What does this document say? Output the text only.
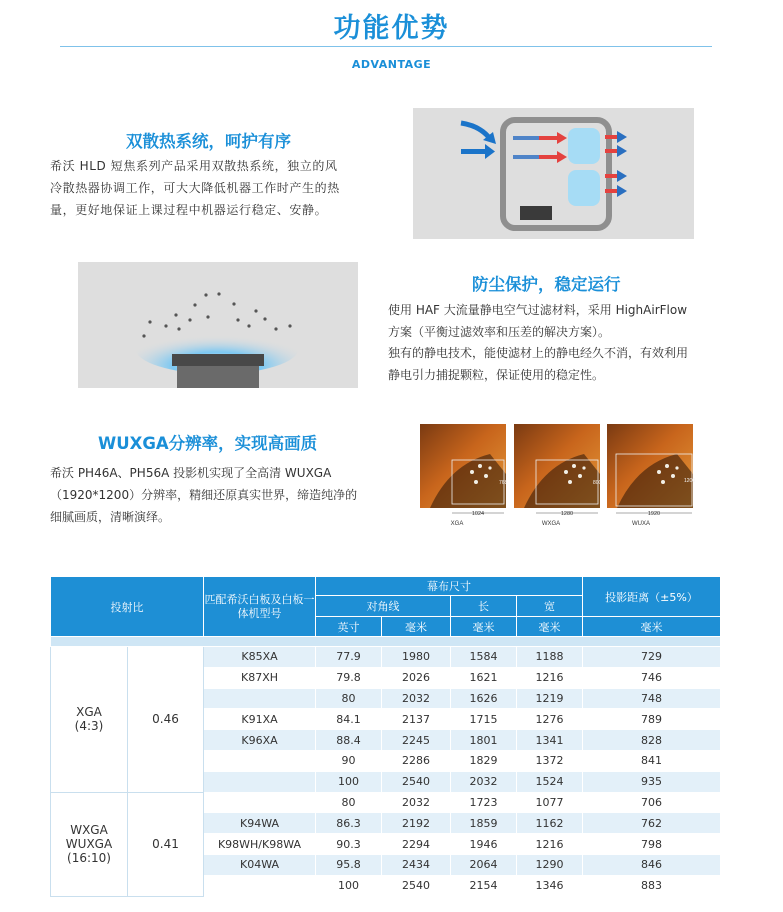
功能优势
ADVANTAGE
双散热系统，呵护有序
希沃 HLD 短焦系列产品采用双散热系统，独立的风
冷散热器协调工作，可大大降低机器工作时产生的热
量，更好地保证上课过程中机器运行稳定、安静。
防尘保护，稳定运行
使用 HAF 大流量静电空气过滤材料，采用 HighAirFlow
方案（平衡过滤效率和压差的解决方案）。
独有的静电技术，能使滤材上的静电经久不消，有效利用
静电引力捕捉颗粒，保证使用的稳定性。
WUXGA分辨率，实现高画质
希沃 PH46A、PH56A 投影机实现了全高清 WUXGA
（1920*1200）分辨率，精细还原真实世界，缔造纯净的
细腻画质，清晰演绎。	1024	1280	1920
768	800	1200
XGA	WXGA	WUXA
投射比		匹配希沃白板及白板一体机型号	幕布尺寸				投影距离（±5%）
			对角线		长	宽	
			英寸	毫米	毫米	毫米	毫米

XGA
(4:3)	0.46	K85XA	77.9	1980	1584	1188	729
		K87XH	79.8	2026	1621	1216	746
			80	2032	1626	1219	748
		K91XA	84.1	2137	1715	1276	789
		K96XA	88.4	2245	1801	1341	828
			90	2286	1829	1372	841
			100	2540	2032	1524	935

WXGA
WUXGA
(16:10)	0.41		80	2032	1723	1077	706
		K94WA	86.3	2192	1859	1162	762
		K98WH/K98WA	90.3	2294	1946	1216	798
		K04WA	95.8	2434	2064	1290	846
			100	2540	2154	1346	883
